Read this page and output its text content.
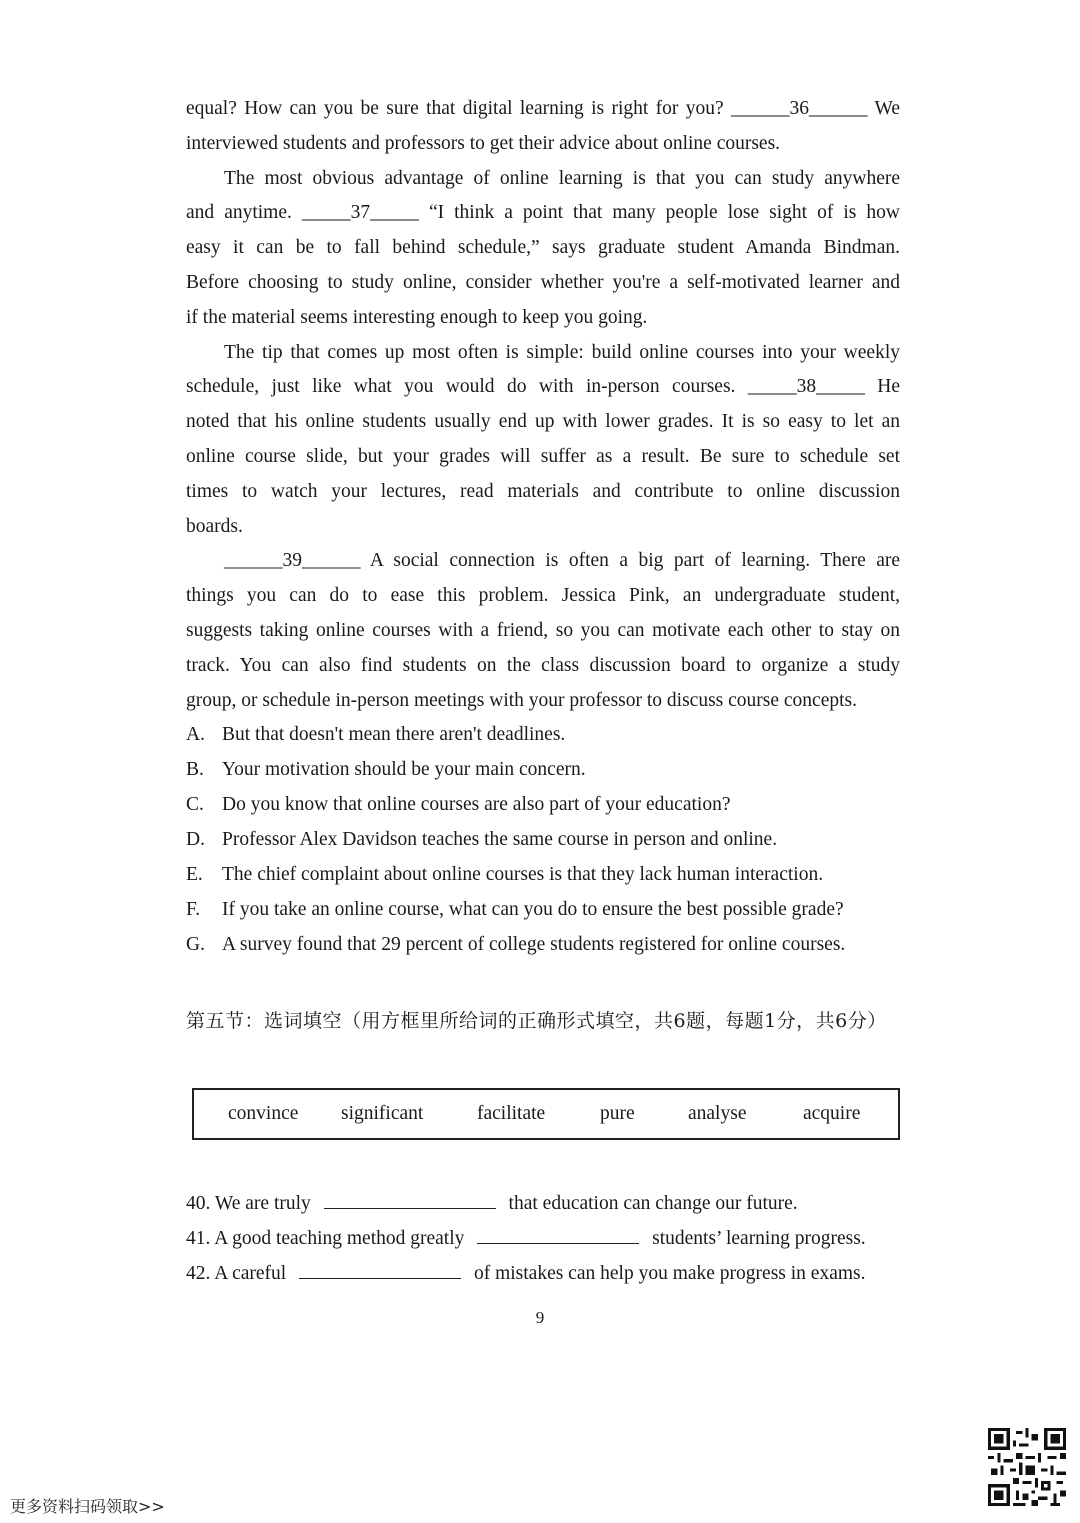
equal? How can you be sure that digital learning is right for you? ______36______ We
interviewed students and professors to get their advice about online courses.
The most obvious advantage of online learning is that you can study anywhere
and anytime. _____37_____ “I think a point that many people lose sight of is how
easy it can be to fall behind schedule,” says graduate student Amanda Bindman.
Before choosing to study online, consider whether you're a self-motivated learner and
if the material seems interesting enough to keep you going.
The tip that comes up most often is simple: build online courses into your weekly
schedule, just like what you would do with in-person courses. _____38_____ He
noted that his online students usually end up with lower grades. It is so easy to let an
online course slide, but your grades will suffer as a result. Be sure to schedule set
times to watch your lectures, read materials and contribute to online discussion
boards.
______39______ A social connection is often a big part of learning. There are
things you can do to ease this problem. Jessica Pink, an undergraduate student,
suggests taking online courses with a friend, so you can motivate each other to stay on
track. You can also find students on the class discussion board to organize a study
group, or schedule in-person meetings with your professor to discuss course concepts.
A. But that doesn't mean there aren't deadlines.
B. Your motivation should be your main concern.
C. Do you know that online courses are also part of your education?
D. Professor Alex Davidson teaches the same course in person and online.
E. The chief complaint about online courses is that they lack human interaction.
F. If you take an online course, what can you do to ensure the best possible grade?
G. A survey found that 29 percent of college students registered for online courses.
第五节：选词填空（用方框里所给词的正确形式填空，共6题，每题1分，共6分）
convince	significant	facilitate	pure	analyse	acquire
40. We are truly	that education can change our future.
41. A good teaching method greatly	students’ learning progress.
42. A careful	of mistakes can help you make progress in exams.
9
更多资料扫码领取>>
